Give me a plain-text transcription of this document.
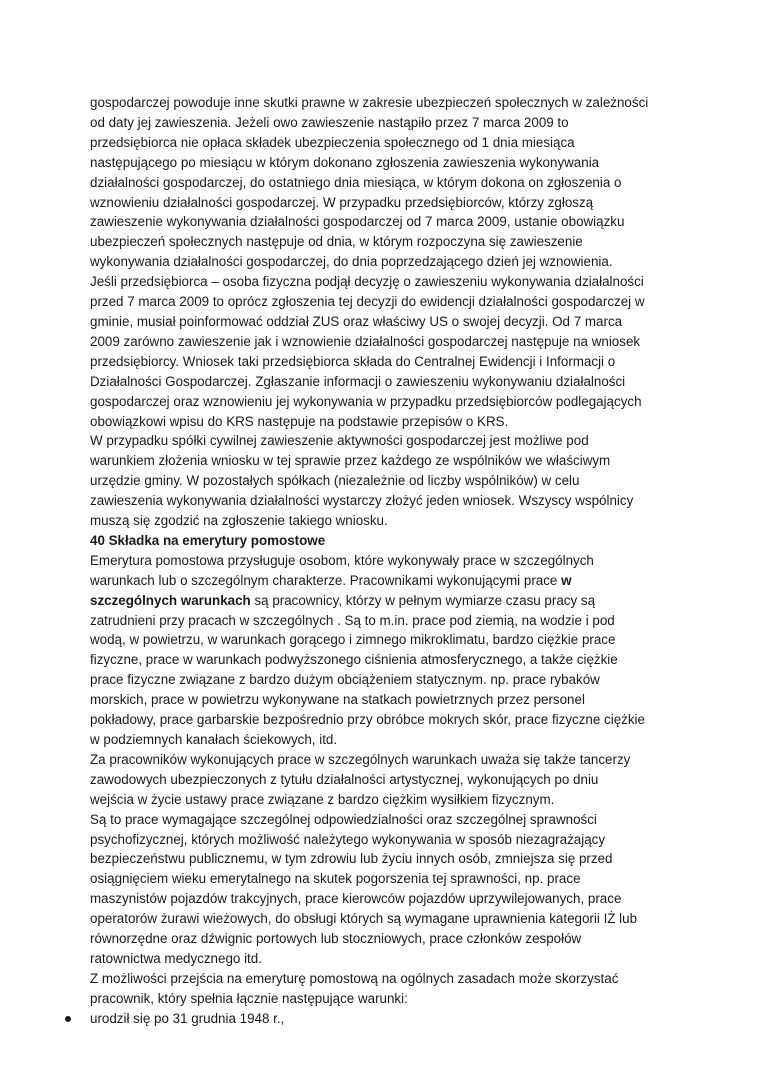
gospodarczej powoduje inne skutki prawne w zakresie ubezpieczeń społecznych w zależności
od daty jej zawieszenia. Jeżeli owo zawieszenie nastąpiło przez 7 marca 2009 to
przedsiębiorca nie opłaca składek ubezpieczenia społecznego od 1 dnia miesiąca
następującego po miesiącu w którym dokonano zgłoszenia zawieszenia wykonywania
działalności gospodarczej, do ostatniego dnia miesiąca, w którym dokona on zgłoszenia o
wznowieniu działalności gospodarczej. W przypadku przedsiębiorców, którzy zgłoszą
zawieszenie wykonywania działalności gospodarczej od 7 marca 2009, ustanie obowiązku
ubezpieczeń społecznych następuje od dnia, w którym rozpoczyna się zawieszenie
wykonywania działalności gospodarczej, do dnia poprzedzającego dzień jej wznowienia.
Jeśli przedsiębiorca – osoba fizyczna podjął decyzję o zawieszeniu wykonywania działalności
przed 7 marca 2009 to oprócz zgłoszenia tej decyzji do ewidencji działalności gospodarczej w
gminie, musiał poinformować oddział ZUS oraz właściwy US o swojej decyzji. Od 7 marca
2009 zarówno zawieszenie jak i wznowienie działalności gospodarczej następuje na wniosek
przedsiębiorcy. Wniosek taki przedsiębiorca składa do Centralnej Ewidencji i Informacji o
Działalności Gospodarczej. Zgłaszanie informacji o zawieszeniu wykonywaniu działalności
gospodarczej oraz wznowieniu jej wykonywania w przypadku przedsiębiorców podlegających
obowiązkowi wpisu do KRS następuje na podstawie przepisów o KRS.
W przypadku spółki cywilnej zawieszenie aktywności gospodarczej jest możliwe pod
warunkiem złożenia wniosku w tej sprawie przez każdego ze wspólników we właściwym
urzędzie gminy. W pozostałych spółkach (niezależnie od liczby wspólników) w celu
zawieszenia wykonywania działalności wystarczy złożyć jeden wniosek. Wszyscy wspólnicy
muszą się zgodzić na zgłoszenie takiego wniosku.
40 Składka na emerytury pomostowe
Emerytura pomostowa przysługuje osobom, które wykonywały prace w szczególnych
warunkach lub o szczególnym charakterze. Pracownikami wykonującymi prace w
szczególnych warunkach są pracownicy, którzy w pełnym wymiarze czasu pracy są
zatrudnieni przy pracach w szczególnych . Są to m.in. prace pod ziemią, na wodzie i pod
wodą, w powietrzu, w warunkach gorącego i zimnego mikroklimatu, bardzo ciężkie prace
fizyczne, prace w warunkach podwyższonego ciśnienia atmosferycznego, a także ciężkie
prace fizyczne związane z bardzo dużym obciążeniem statycznym. np. prace rybaków
morskich, prace w powietrzu wykonywane na statkach powietrznych przez personel
pokładowy, prace garbarskie bezpośrednio przy obróbce mokrych skór, prace fizyczne ciężkie
w podziemnych kanałach ściekowych, itd.
Za pracowników wykonujących prace w szczególnych warunkach uważa się także tancerzy
zawodowych ubezpieczonych z tytułu działalności artystycznej, wykonujących po dniu
wejścia w życie ustawy prace związane z bardzo ciężkim wysiłkiem fizycznym.
Są to prace wymagające szczególnej odpowiedzialności oraz szczególnej sprawności
psychofizycznej, których możliwość należytego wykonywania w sposób niezagrażający
bezpieczeństwu publicznemu, w tym zdrowiu lub życiu innych osób, zmniejsza się przed
osiągnięciem wieku emerytalnego na skutek pogorszenia tej sprawności, np. prace
maszynistów pojazdów trakcyjnych, prace kierowców pojazdów uprzywilejowanych, prace
operatorów żurawi wieżowych, do obsługi których są wymagane uprawnienia kategorii IŻ lub
równorzędne oraz dźwignic portowych lub stoczniowych, prace członków zespołów
ratownictwa medycznego itd.
Z możliwości przejścia na emeryturę pomostową na ogólnych zasadach może skorzystać
pracownik, który spełnia łącznie następujące warunki:
urodził się po 31 grudnia 1948 r.,
